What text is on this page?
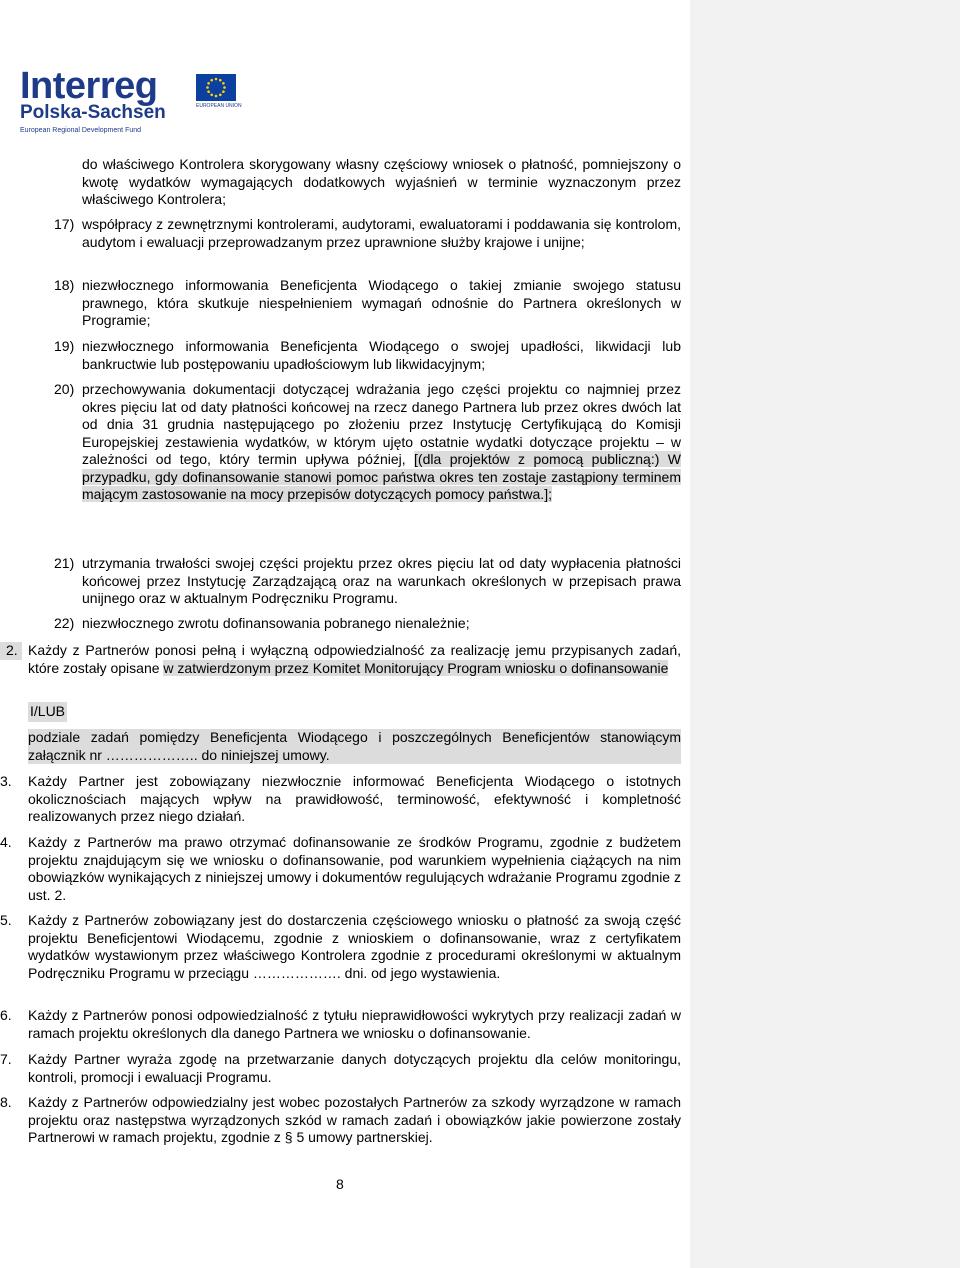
Interreg
Polska-Sachsen
European Regional Development Fund
EUROPEAN UNION

do właściwego Kontrolera skorygowany własny częściowy wniosek o płatność, pomniejszony o kwotę wydatków wymagających dodatkowych wyjaśnień w terminie wyznaczonym przez właściwego Kontrolera;

17) współpracy z zewnętrznymi kontrolerami, audytorami, ewaluatorami i poddawania się kontrolom, audytom i ewaluacji przeprowadzanym przez uprawnione służby krajowe i unijne;

18) niezwłocznego informowania Beneficjenta Wiodącego o takiej zmianie swojego statusu prawnego, która skutkuje niespełnieniem wymagań odnośnie do Partnera określonych w Programie;

19) niezwłocznego informowania Beneficjenta Wiodącego o swojej upadłości, likwidacji lub bankructwie lub postępowaniu upadłościowym lub likwidacyjnym;

20) przechowywania dokumentacji dotyczącej wdrażania jego części projektu co najmniej przez okres pięciu lat od daty płatności końcowej na rzecz danego Partnera lub przez okres dwóch lat od dnia 31 grudnia następującego po złożeniu przez Instytucję Certyfikującą do Komisji Europejskiej zestawienia wydatków, w którym ujęto ostatnie wydatki dotyczące projektu – w zależności od tego, który termin upływa później, [(dla projektów z pomocą publiczną:) W przypadku, gdy dofinansowanie stanowi pomoc państwa okres ten zostaje zastąpiony terminem mającym zastosowanie na mocy przepisów dotyczących pomocy państwa.];

21) utrzymania trwałości swojej części projektu przez okres pięciu lat od daty wypłacenia płatności końcowej przez Instytucję Zarządzającą oraz na warunkach określonych w przepisach prawa unijnego oraz w aktualnym Podręczniku Programu.

22) niezwłocznego zwrotu dofinansowania pobranego nienależnie;

2. Każdy z Partnerów ponosi pełną i wyłączną odpowiedzialność za realizację jemu przypisanych zadań, które zostały opisane w zatwierdzonym przez Komitet Monitorujący Program wniosku o dofinansowanie

I/LUB

podziale zadań pomiędzy Beneficjenta Wiodącego i poszczególnych Beneficjentów stanowiącym załącznik nr ……………….. do niniejszej umowy.

3. Każdy Partner jest zobowiązany niezwłocznie informować Beneficjenta Wiodącego o istotnych okolicznościach mających wpływ na prawidłowość, terminowość, efektywność i kompletność realizowanych przez niego działań.

4. Każdy z Partnerów ma prawo otrzymać dofinansowanie ze środków Programu, zgodnie z budżetem projektu znajdującym się we wniosku o dofinansowanie, pod warunkiem wypełnienia ciążących na nim obowiązków wynikających z niniejszej umowy i dokumentów regulujących wdrażanie Programu zgodnie z ust. 2.

5. Każdy z Partnerów zobowiązany jest do dostarczenia częściowego wniosku o płatność za swoją część projektu Beneficjentowi Wiodącemu, zgodnie z wnioskiem o dofinansowanie, wraz z certyfikatem wydatków wystawionym przez właściwego Kontrolera zgodnie z procedurami określonymi w aktualnym Podręczniku Programu w przeciągu ………………. dni. od jego wystawienia.

6. Każdy z Partnerów ponosi odpowiedzialność z tytułu nieprawidłowości wykrytych przy realizacji zadań w ramach projektu określonych dla danego Partnera we wniosku o dofinansowanie.

7. Każdy Partner wyraża zgodę na przetwarzanie danych dotyczących projektu dla celów monitoringu, kontroli, promocji i ewaluacji Programu.

8. Każdy z Partnerów odpowiedzialny jest wobec pozostałych Partnerów za szkody wyrządzone w ramach projektu oraz następstwa wyrządzonych szkód w ramach zadań i obowiązków jakie powierzone zostały Partnerowi w ramach projektu, zgodnie z § 5 umowy partnerskiej.

8
